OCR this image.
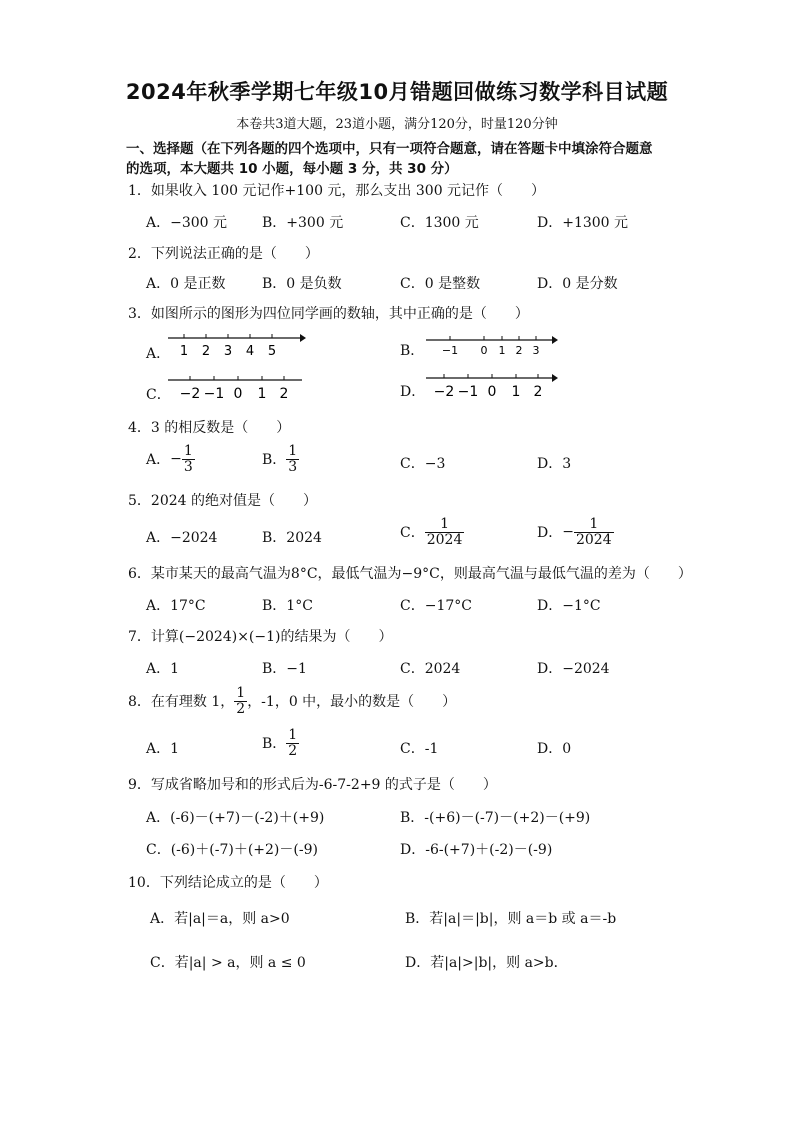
2024年秋季学期七年级10月错题回做练习数学科目试题
本卷共3道大题，23道小题，满分120分，时量120分钟
一、选择题（在下列各题的四个选项中，只有一项符合题意，请在答题卡中填涂符合题意
的选项，本大题共 10 小题，每小题 3 分，共 30 分）
1．如果收入 100 元记作+100 元，那么支出 300 元记作（　　）
A．−300 元 B．+300 元	C．1300 元	D．+1300 元
2．下列说法正确的是（　　）
A．0 是正数	B．0 是负数	C．0 是整数	D．0 是分数
3．如图所示的图形为四位同学画的数轴，其中正确的是（　　）
A．	B．
C．	D．
1 2 3 4 5	−1 0 1 2 3
−2 −1 0 1 2	−2 −1 0 1 2
4．3 的相反数是（　　）
A．− $\frac{1}{3}$	B． $\frac{1}{3}$	C．−3	D．3
5．2024 的绝对值是（　　）
A．−2024	B．2024	C． $\frac{1}{2024}$	D．− $\frac{1}{2024}$
6．某市某天的最高气温为8°C，最低气温为−9°C，则最高气温与最低气温的差为（　　）
A．17°C	B．1°C	C．−17°C	D．−1°C
7．计算(−2024)×(−1)的结果为（　　）
A．1	B．−1	C．2024	D．−2024
8．在有理数 1， $\frac{1}{2}$ ，-1，0 中，最小的数是（　　）
A．1	B． $\frac{1}{2}$	C．-1	D．0
9．写成省略加号和的形式后为-6-7-2+9 的式子是（　　）
A．(-6)－(+7)－(-2)＋(+9)	B．-(+6)－(-7)－(+2)－(+9)
C．(-6)＋(-7)＋(+2)－(-9)	D．-6-(+7)＋(-2)－(-9)
10．下列结论成立的是（　　）
A．若|a|＝a，则 a>0	B．若|a|＝|b|，则 a＝b 或 a＝-b
C．若|a| > a，则 a ≤ 0	D．若|a|>|b|，则 a>b．
